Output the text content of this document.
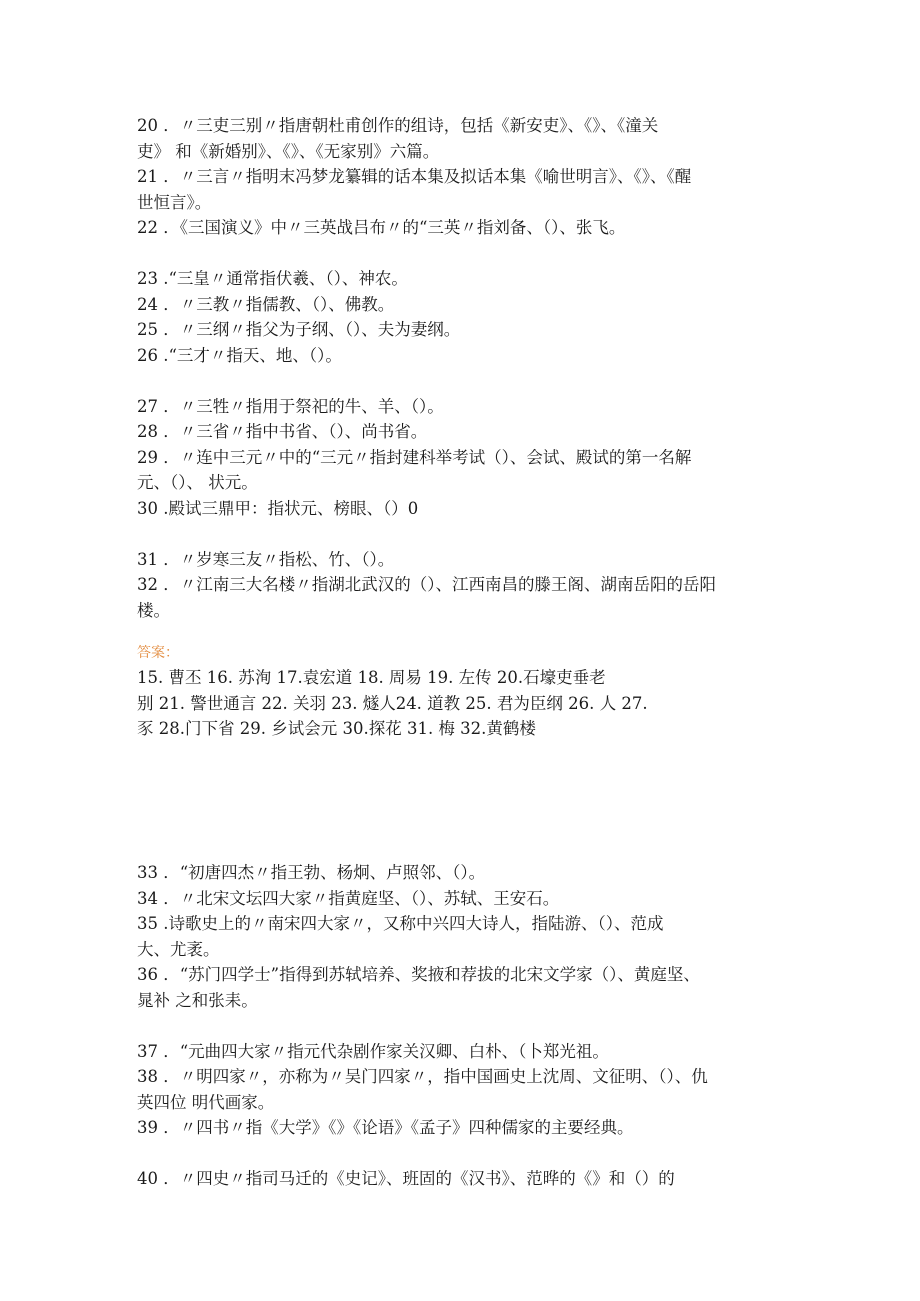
20 ．〃三吏三别〃指唐朝杜甫创作的组诗，包括《新安吏》、《》、《潼关
吏》 和《新婚别》、《》、《无家别》六篇。
21 ．〃三言〃指明末冯梦龙纂辑的话本集及拟话本集《喻世明言》、《》、《醒
世恒言》。
22 ．《三国演义》中〃三英战吕布〃的“三英〃指刘备、（）、张飞。
23 .“三皇〃通常指伏羲、（）、神农。
24 ．〃三教〃指儒教、（）、佛教。
25 ．〃三纲〃指父为子纲、（）、夫为妻纲。
26 .“三才〃指天、地、（）。
27 ．〃三牲〃指用于祭祀的牛、羊、（）。
28 ．〃三省〃指中书省、（）、尚书省。
29 ．〃连中三元〃中的“三元〃指封建科举考试（）、会试、殿试的第一名解
元、（）、 状元。
30 .殿试三鼎甲：指状元、榜眼、（）0
31 ．〃岁寒三友〃指松、竹、（）。
32 ．〃江南三大名楼〃指湖北武汉的（）、江西南昌的滕王阁、湖南岳阳的岳阳
楼。
答案：
15. 曹丕 16. 苏洵 17.袁宏道 18. 周易 19. 左传 20.石壕吏垂老
别 21. 警世通言 22. 关羽 23. 燧人24. 道教 25. 君为臣纲 26. 人 27.
豕 28.门下省 29. 乡试会元 30.探花 31. 梅 32.黄鹤楼
33 ．“初唐四杰〃指王勃、杨炯、卢照邻、（）。
34 ．〃北宋文坛四大家〃指黄庭坚、（）、苏轼、王安石。
35 .诗歌史上的〃南宋四大家〃，又称中兴四大诗人，指陆游、（）、范成
大、尤袤。
36 ．“苏门四学士”指得到苏轼培养、奖掖和荐拔的北宋文学家（）、黄庭坚、
晁补 之和张耒。
37 ．“元曲四大家〃指元代杂剧作家关汉卿、白朴、（卜郑光祖。
38 ．〃明四家〃，亦称为〃吴门四家〃，指中国画史上沈周、文征明、（）、仇
英四位 明代画家。
39 ．〃四书〃指《大学》《》《论语》《孟子》四种儒家的主要经典。
40 ．〃四史〃指司马迁的《史记》、班固的《汉书》、范晔的《》和（）的
